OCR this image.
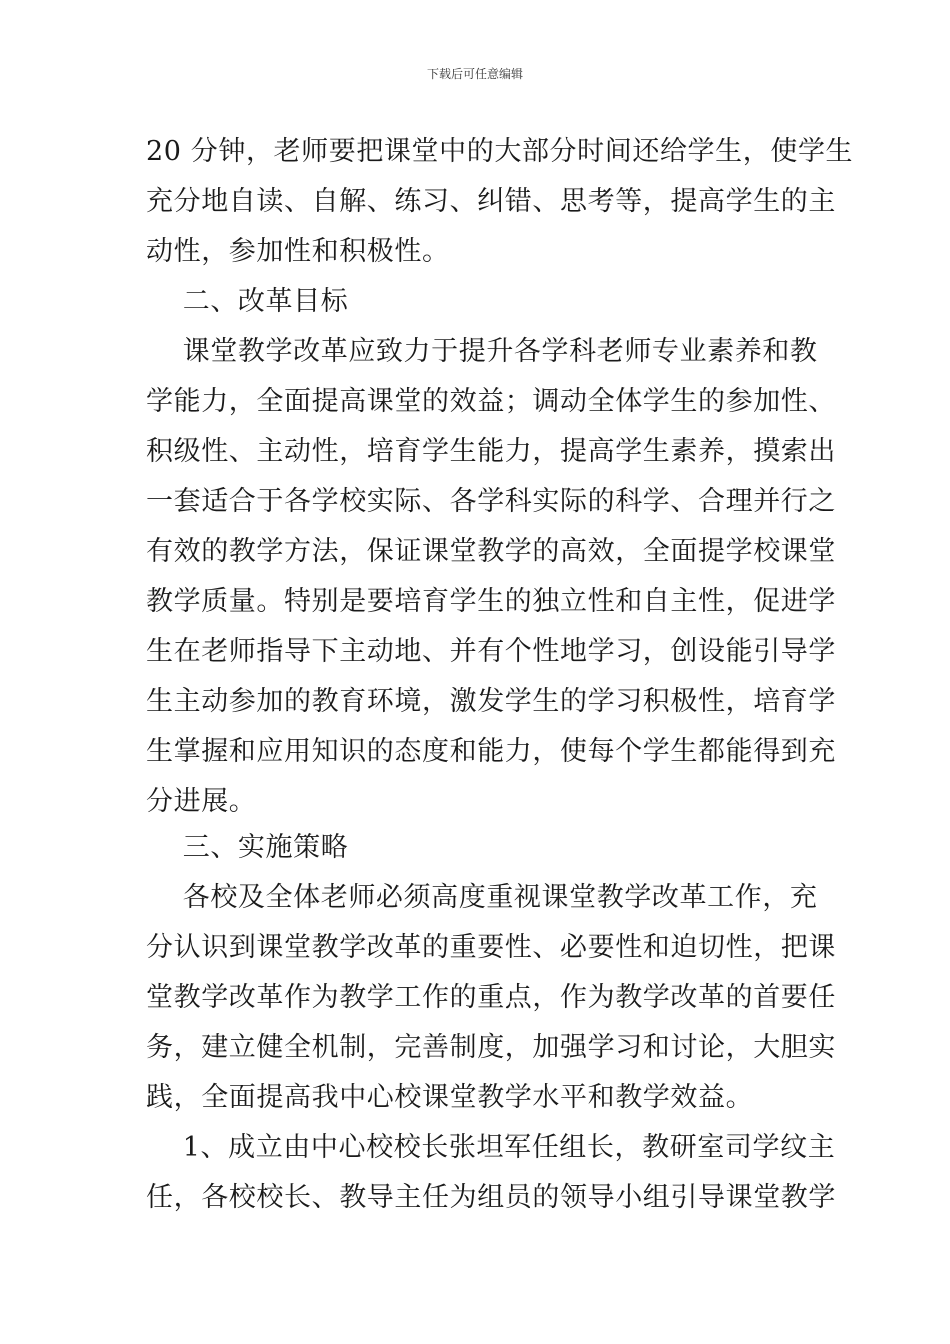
下载后可任意编辑
20 分钟，老师要把课堂中的大部分时间还给学生，使学生
充分地自读、自解、练习、纠错、思考等，提高学生的主
动性，参加性和积极性。
二、改革目标
课堂教学改革应致力于提升各学科老师专业素养和教
学能力，全面提高课堂的效益；调动全体学生的参加性、
积级性、主动性，培育学生能力，提高学生素养，摸索出
一套适合于各学校实际、各学科实际的科学、合理并行之
有效的教学方法，保证课堂教学的高效，全面提学校课堂
教学质量。特别是要培育学生的独立性和自主性，促进学
生在老师指导下主动地、并有个性地学习，创设能引导学
生主动参加的教育环境，激发学生的学习积极性，培育学
生掌握和应用知识的态度和能力，使每个学生都能得到充
分进展。
三、实施策略
各校及全体老师必须高度重视课堂教学改革工作，充
分认识到课堂教学改革的重要性、必要性和迫切性，把课
堂教学改革作为教学工作的重点，作为教学改革的首要任
务，建立健全机制，完善制度，加强学习和讨论，大胆实
践，全面提高我中心校课堂教学水平和教学效益。
1、成立由中心校校长张坦军任组长，教研室司学纹主
任，各校校长、教导主任为组员的领导小组引导课堂教学
